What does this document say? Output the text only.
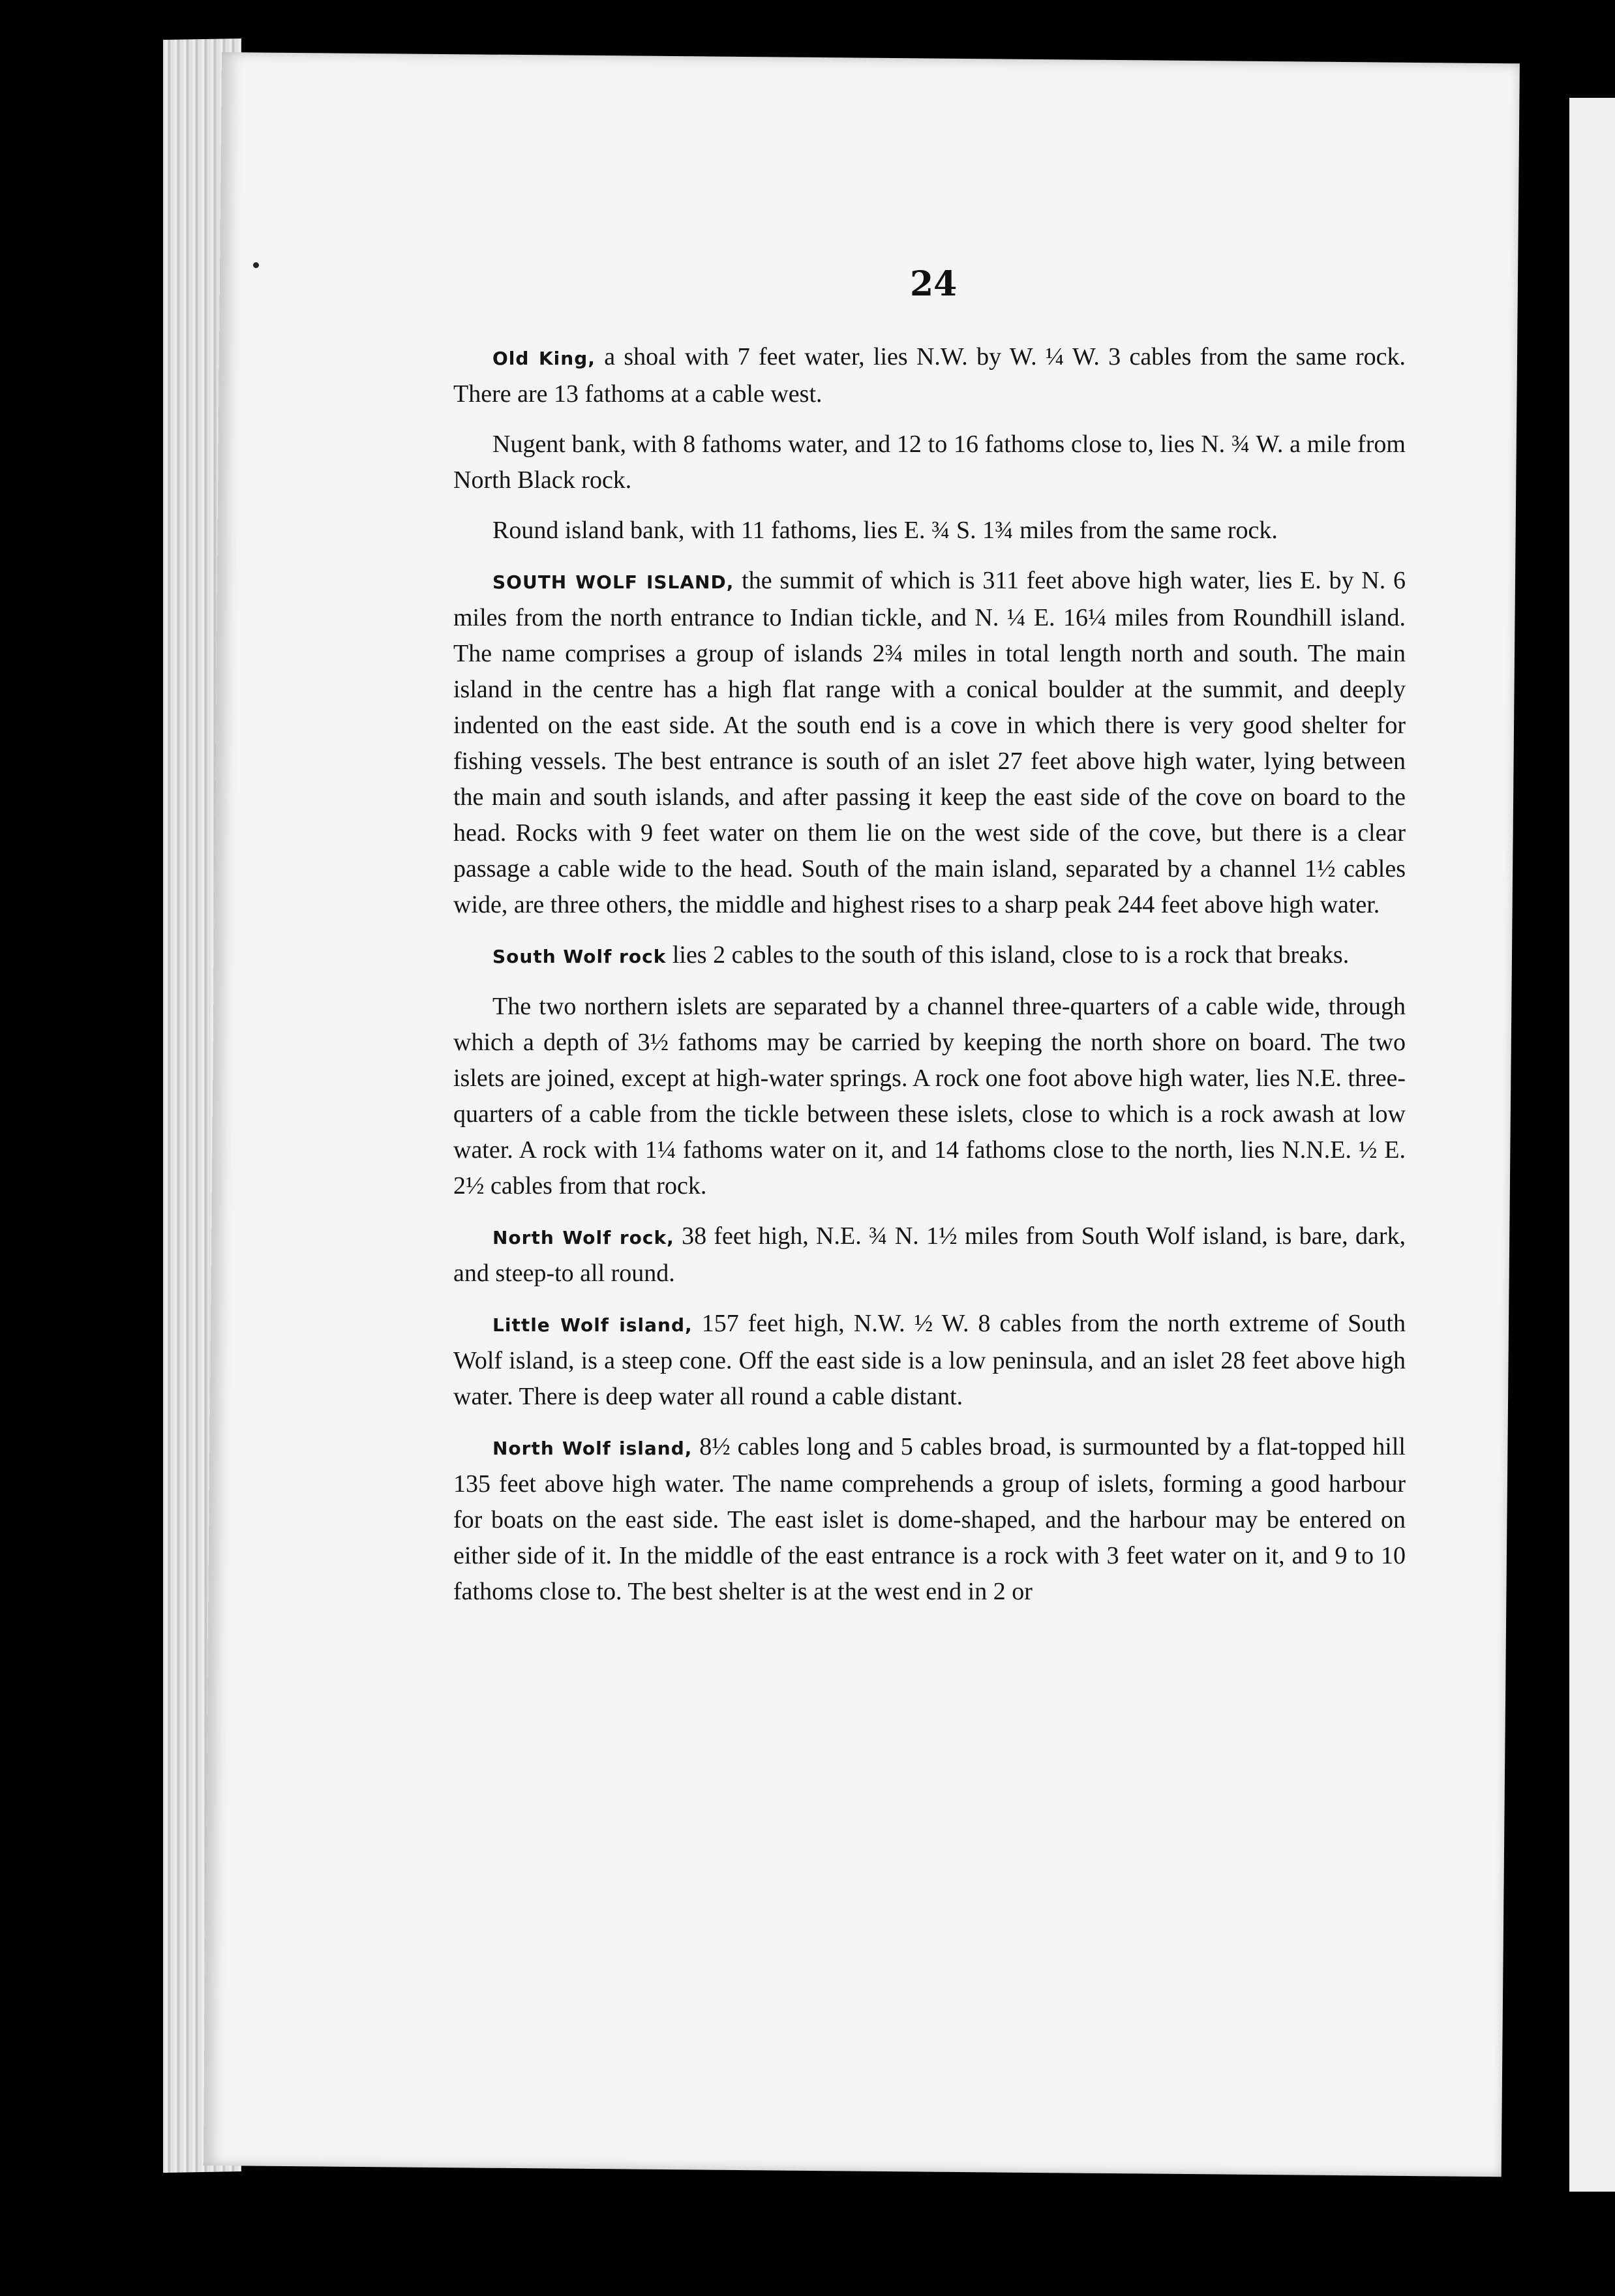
24

Old King, a shoal with 7 feet water, lies N.W. by W. ¼ W. 3 cables from the same rock. There are 13 fathoms at a cable west.

Nugent bank, with 8 fathoms water, and 12 to 16 fathoms close to, lies N. ¾ W. a mile from North Black rock.

Round island bank, with 11 fathoms, lies E. ¾ S. 1¾ miles from the same rock.

SOUTH WOLF ISLAND, the summit of which is 311 feet above high water, lies E. by N. 6 miles from the north entrance to Indian tickle, and N. ¼ E. 16¼ miles from Roundhill island. The name comprises a group of islands 2¾ miles in total length north and south. The main island in the centre has a high flat range with a conical boulder at the summit, and deeply indented on the east side. At the south end is a cove in which there is very good shelter for fishing vessels. The best entrance is south of an islet 27 feet above high water, lying between the main and south islands, and after passing it keep the east side of the cove on board to the head. Rocks with 9 feet water on them lie on the west side of the cove, but there is a clear passage a cable wide to the head. South of the main island, separated by a channel 1½ cables wide, are three others, the middle and highest rises to a sharp peak 244 feet above high water.

South Wolf rock lies 2 cables to the south of this island, close to is a rock that breaks.

The two northern islets are separated by a channel three-quarters of a cable wide, through which a depth of 3½ fathoms may be carried by keeping the north shore on board. The two islets are joined, except at high-water springs. A rock one foot above high water, lies N.E. three-quarters of a cable from the tickle between these islets, close to which is a rock awash at low water. A rock with 1¼ fathoms water on it, and 14 fathoms close to the north, lies N.N.E. ½ E. 2½ cables from that rock.

North Wolf rock, 38 feet high, N.E. ¾ N. 1½ miles from South Wolf island, is bare, dark, and steep-to all round.

Little Wolf island, 157 feet high, N.W. ½ W. 8 cables from the north extreme of South Wolf island, is a steep cone. Off the east side is a low peninsula, and an islet 28 feet above high water. There is deep water all round a cable distant.

North Wolf island, 8½ cables long and 5 cables broad, is surmounted by a flat-topped hill 135 feet above high water. The name comprehends a group of islets, forming a good harbour for boats on the east side. The east islet is dome-shaped, and the harbour may be entered on either side of it. In the middle of the east entrance is a rock with 3 feet water on it, and 9 to 10 fathoms close to. The best shelter is at the west end in 2 or
